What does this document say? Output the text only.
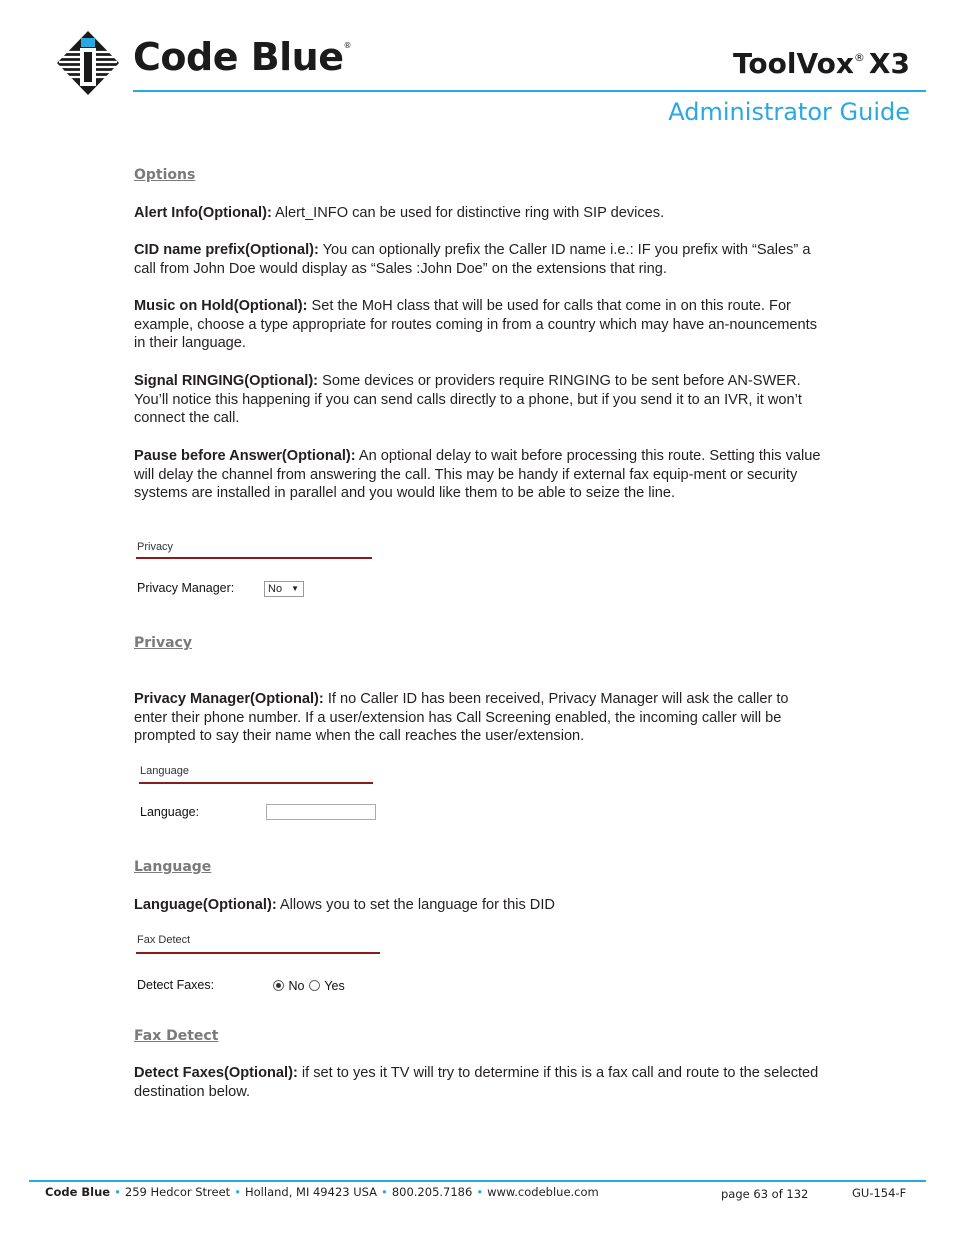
Code Blue®
ToolVox® X3
Administrator Guide
Options
Alert Info(Optional): Alert_INFO can be used for distinctive ring with SIP devices.
CID name prefix(Optional): You can optionally prefix the Caller ID name i.e.: IF you prefix with “Sales” a call from John Doe would display as “Sales :John Doe” on the extensions that ring.
Music on Hold(Optional): Set the MoH class that will be used for calls that come in on this route. For example, choose a type appropriate for routes coming in from a country which may have an-nouncements in their language.
Signal RINGING(Optional): Some devices or providers require RINGING to be sent before AN-SWER. You’ll notice this happening if you can send calls directly to a phone, but if you send it to an IVR, it won’t connect the call.
Pause before Answer(Optional): An optional delay to wait before processing this route. Setting this value will delay the channel from answering the call. This may be handy if external fax equip-ment or security systems are installed in parallel and you would like them to be able to seize the line.
Privacy
Privacy Manager:	No ▼
Privacy
Privacy Manager(Optional): If no Caller ID has been received, Privacy Manager will ask the caller to enter their phone number. If a user/extension has Call Screening enabled, the incoming caller will be prompted to say their name when the call reaches the user/extension.
Language
Language:
Language
Language(Optional): Allows you to set the language for this DID
Fax Detect
Detect Faxes:	No Yes
Fax Detect
Detect Faxes(Optional): if set to yes it TV will try to determine if this is a fax call and route to the selected destination below.
Code Blue • 259 Hedcor Street • Holland, MI 49423 USA • 800.205.7186 • www.codeblue.com	page 63 of 132	GU-154-F
